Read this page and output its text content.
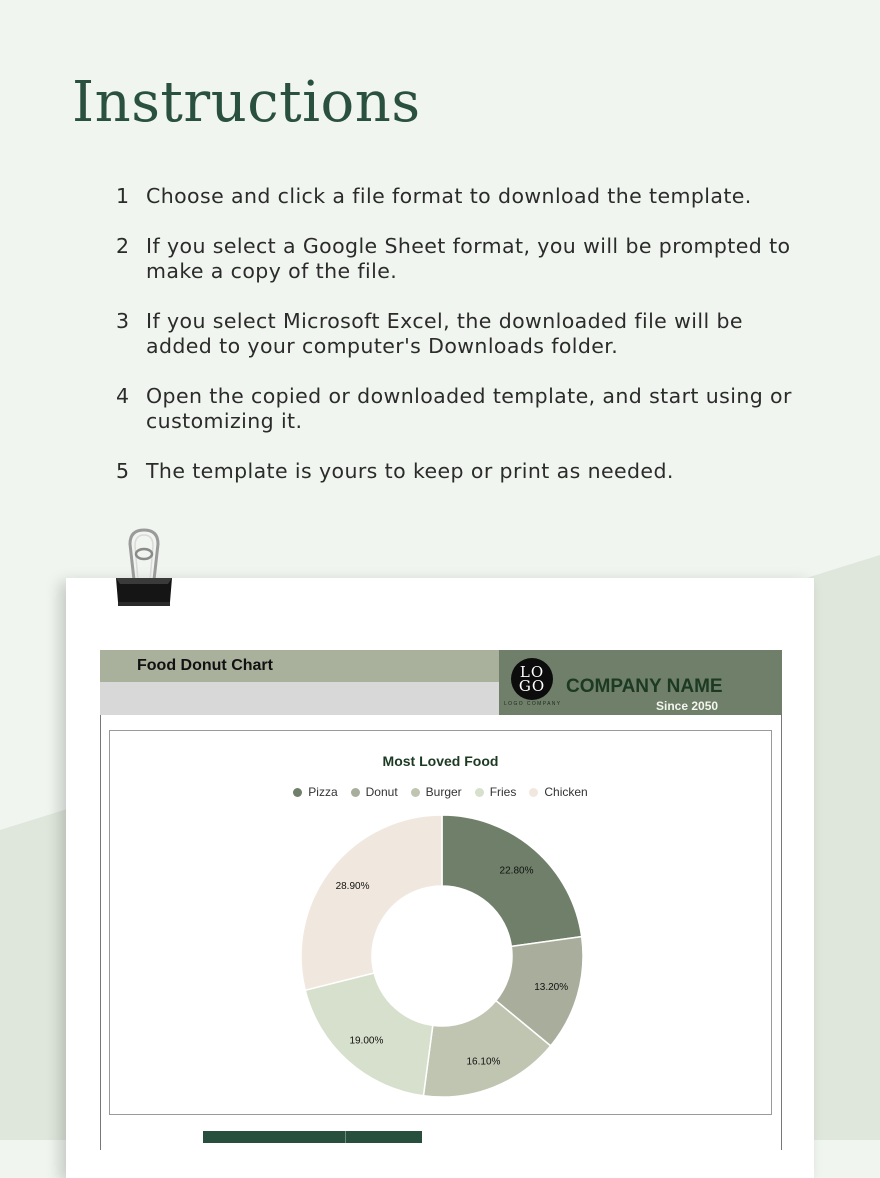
Instructions
1 Choose and click a file format to download the template.
2 If you select a Google Sheet format, you will be prompted to make a copy of the file.
3 If you select Microsoft Excel, the downloaded file will be added to your computer's Downloads folder.
4 Open the copied or downloaded template, and start using or customizing it.
5 The template is yours to keep or print as needed.
Food Donut Chart	LO
GO
LOGO COMPANY
COMPANY NAME
Since 2050
Most Loved Food
Pizza Donut Burger Fries Chicken
22.80%
13.20%
16.10%
19.00%
28.90%
